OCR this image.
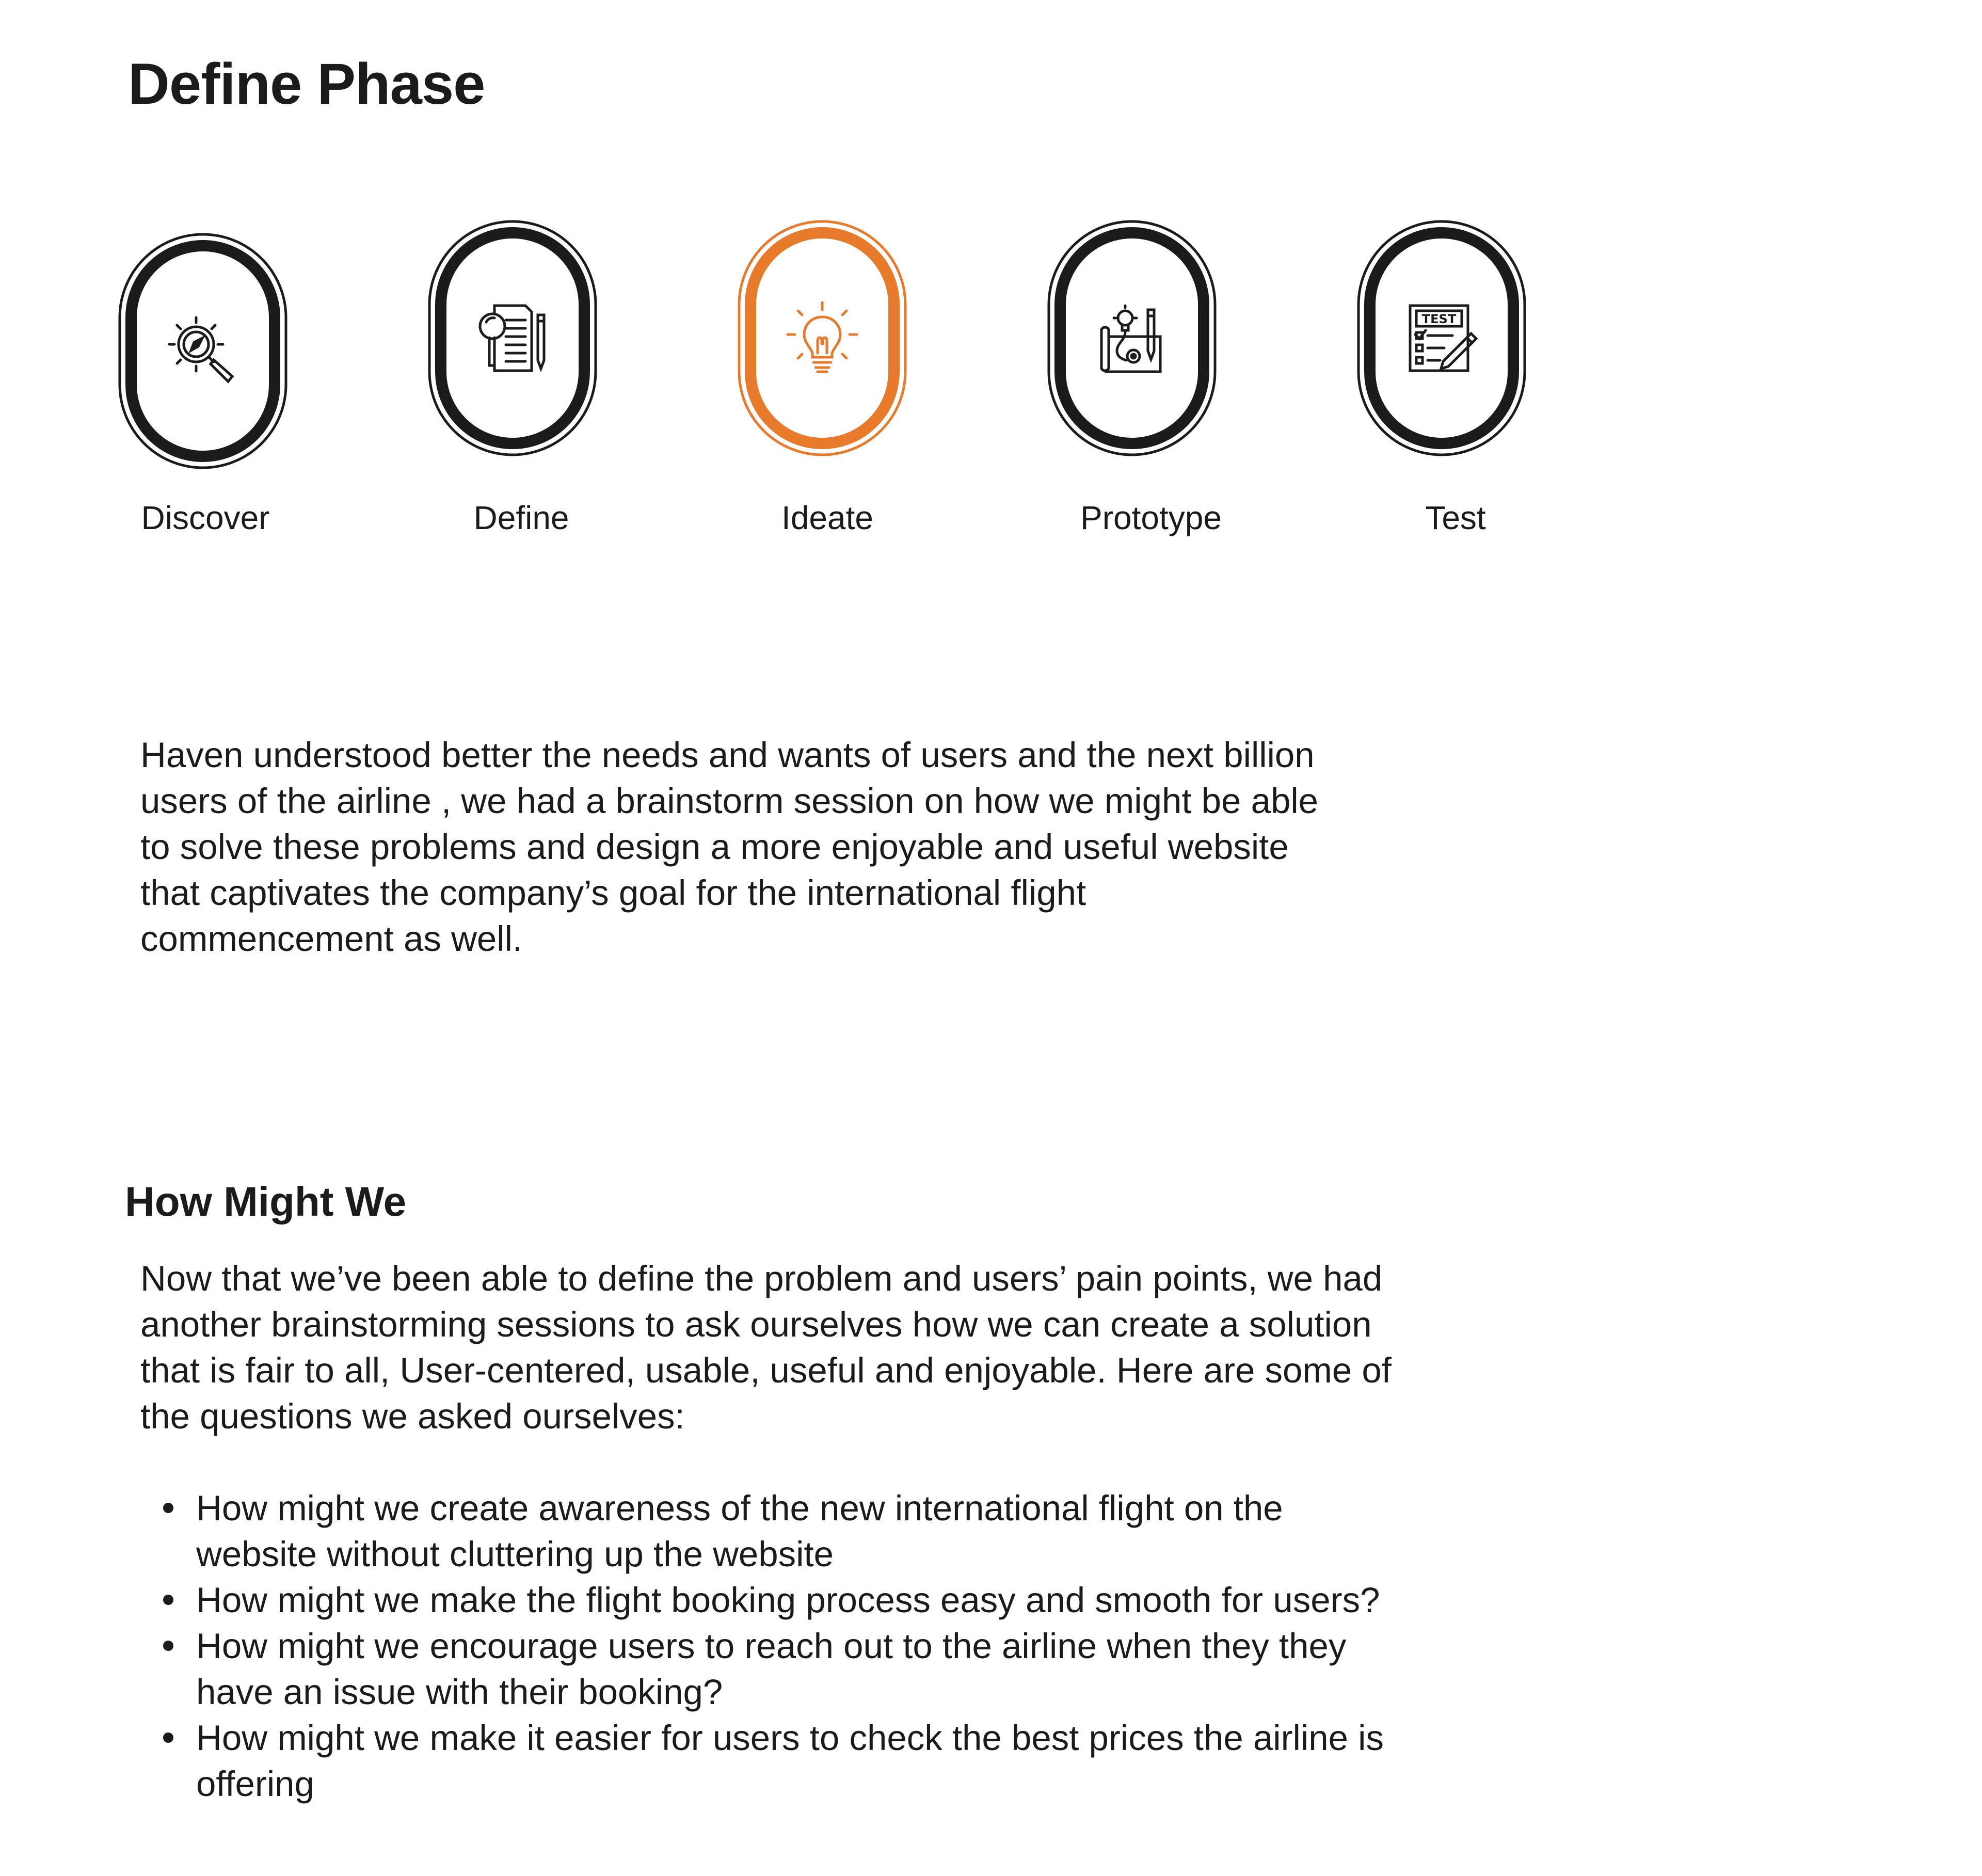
Define Phase
TEST
Discover	Define	Ideate	Prototype	Test

Haven understood better the needs and wants of users and the next billion
users of the airline , we had a brainstorm session on how we might be able
to solve these problems and design a more enjoyable and useful website
that captivates the company’s goal for the international flight
commencement as well.

How Might We

Now that we’ve been able to define the problem and users’ pain points, we had
another brainstorming sessions to ask ourselves how we can create a solution
that is fair to all, User-centered, usable, useful and enjoyable. Here are some of
the questions we asked ourselves:

How might we create awareness of the new international flight on the
website without cluttering up the website
How might we make the flight booking process easy and smooth for users?
How might we encourage users to reach out to the airline when they they
have an issue with their booking?
How might we make it easier for users to check the best prices the airline is
offering
